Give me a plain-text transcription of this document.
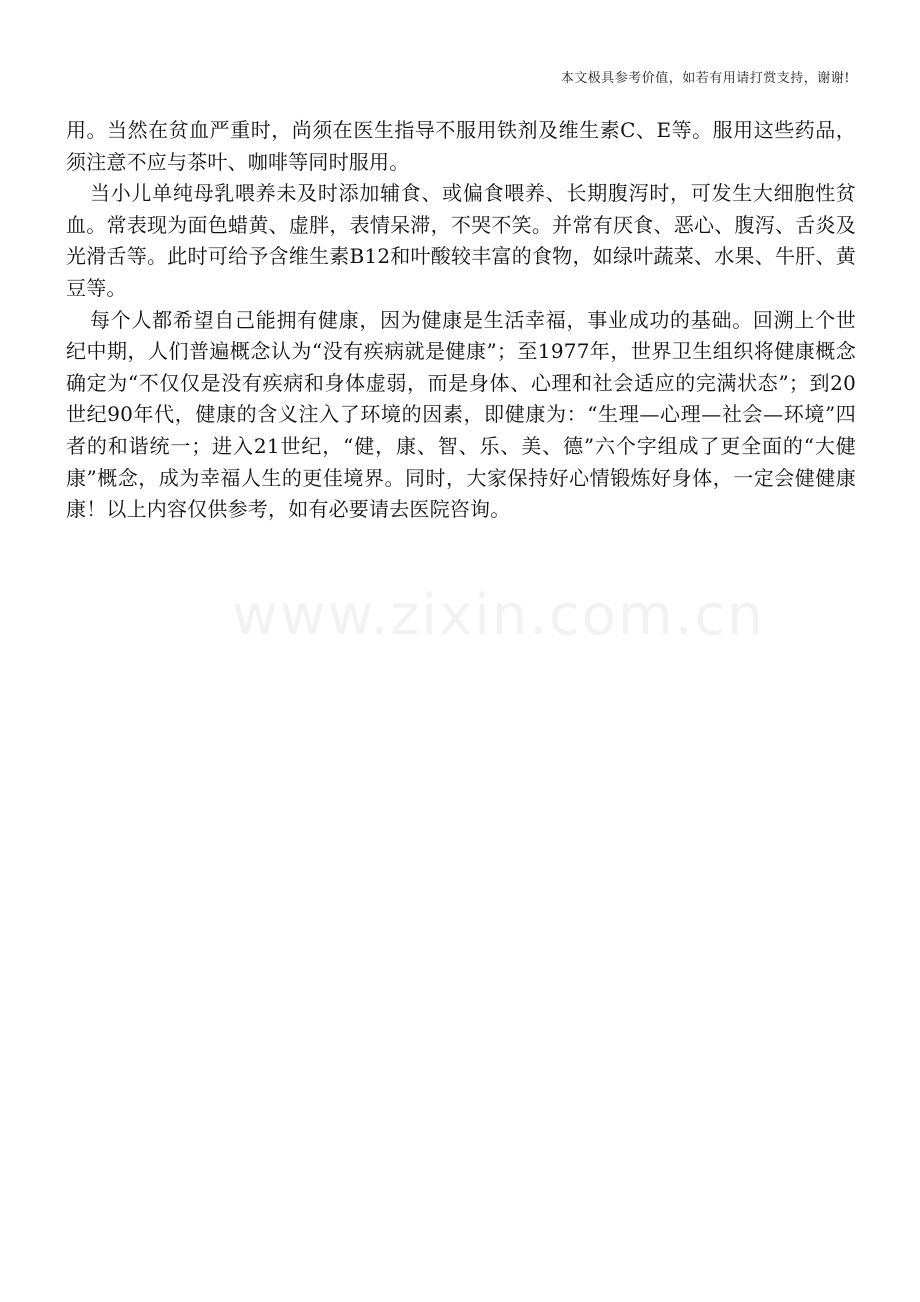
本文极具参考价值，如若有用请打赏支持，谢谢!

用。当然在贫血严重时，尚须在医生指导不服用铁剂及维生素C、E等。服用这些药品，须注意不应与茶叶、咖啡等同时服用。

当小儿单纯母乳喂养未及时添加辅食、或偏食喂养、长期腹泻时，可发生大细胞性贫血。常表现为面色蜡黄、虚胖，表情呆滞，不哭不笑。并常有厌食、恶心、腹泻、舌炎及光滑舌等。此时可给予含维生素B12和叶酸较丰富的食物，如绿叶蔬菜、水果、牛肝、黄豆等。

每个人都希望自己能拥有健康，因为健康是生活幸福，事业成功的基础。回溯上个世纪中期，人们普遍概念认为“没有疾病就是健康”；至1977年，世界卫生组织将健康概念确定为“不仅仅是没有疾病和身体虚弱，而是身体、心理和社会适应的完满状态”；到20世纪90年代，健康的含义注入了环境的因素，即健康为：“生理—心理—社会—环境”四者的和谐统一；进入21世纪，“健，康、智、乐、美、德”六个字组成了更全面的“大健康”概念，成为幸福人生的更佳境界。同时，大家保持好心情锻炼好身体，一定会健健康康！以上内容仅供参考，如有必要请去医院咨询。

www.zixin.com.cn
